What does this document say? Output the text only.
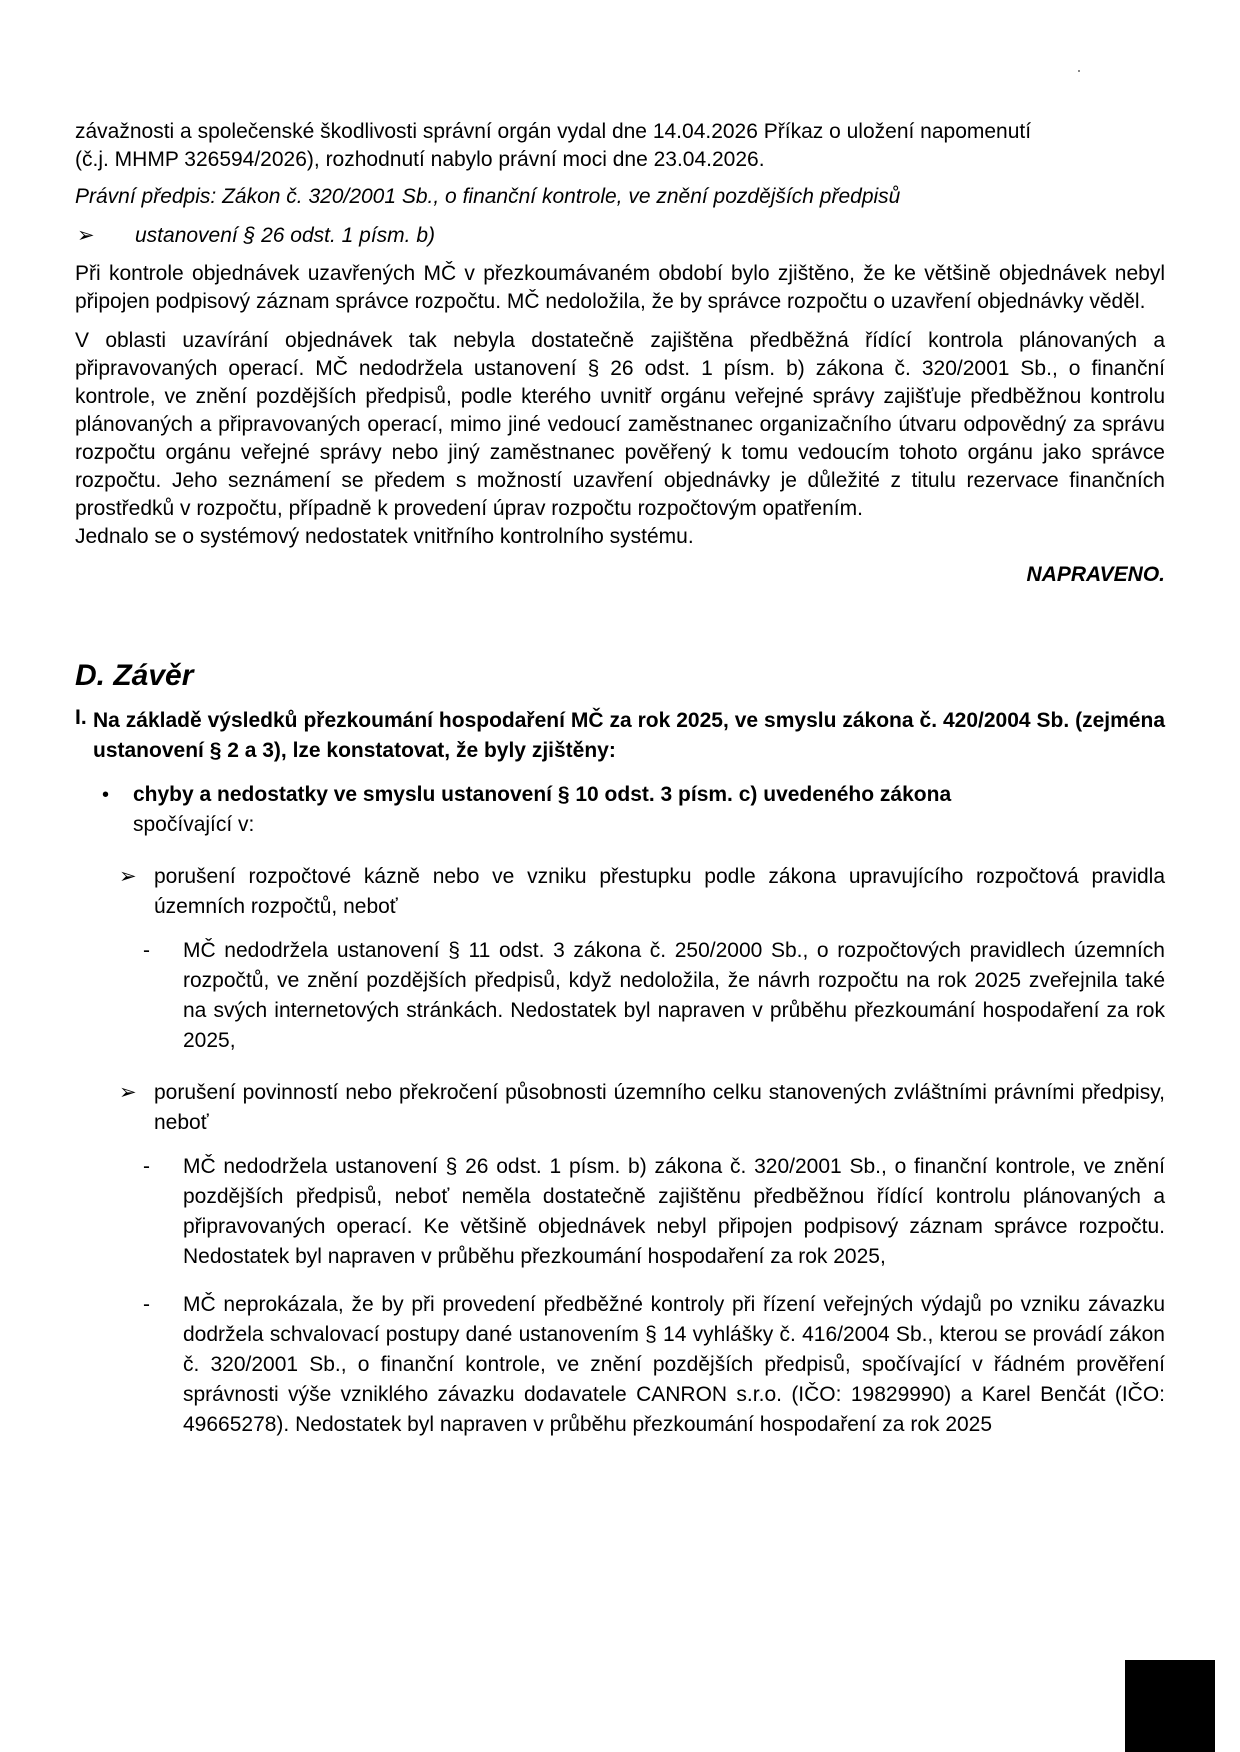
závažnosti a společenské škodlivosti správní orgán vydal dne 14.04.2026 Příkaz o uložení napomenutí

(č.j. MHMP 326594/2026), rozhodnutí nabylo právní moci dne 23.04.2026.

Právní předpis: Zákon č. 320/2001 Sb., o finanční kontrole, ve znění pozdějších předpisů

➢	ustanovení § 26 odst. 1 písm. b)

Při kontrole objednávek uzavřených MČ v přezkoumávaném období bylo zjištěno, že ke většině objednávek nebyl připojen podpisový záznam správce rozpočtu. MČ nedoložila, že by správce rozpočtu o uzavření objednávky věděl.

V oblasti uzavírání objednávek tak nebyla dostatečně zajištěna předběžná řídící kontrola plánovaných a připravovaných operací. MČ nedodržela ustanovení § 26 odst. 1 písm. b) zákona č. 320/2001 Sb., o finanční kontrole, ve znění pozdějších předpisů, podle kterého uvnitř orgánu veřejné správy zajišťuje předběžnou kontrolu plánovaných a připravovaných operací, mimo jiné vedoucí zaměstnanec organizačního útvaru odpovědný za správu rozpočtu orgánu veřejné správy nebo jiný zaměstnanec pověřený k tomu vedoucím tohoto orgánu jako správce rozpočtu. Jeho seznámení se předem s možností uzavření objednávky je důležité z titulu rezervace finančních prostředků v rozpočtu, případně k provedení úprav rozpočtu rozpočtovým opatřením.

Jednalo se o systémový nedostatek vnitřního kontrolního systému.

NAPRAVENO.
D. Závěr
I. Na základě výsledků přezkoumání hospodaření MČ za rok 2025, ve smyslu zákona č. 420/2004 Sb. (zejména ustanovení § 2 a 3), lze konstatovat, že byly zjištěny:
•	chyby a nedostatky ve smyslu ustanovení § 10 odst. 3 písm. c) uvedeného zákona
spočívající v:
➢ porušení rozpočtové kázně nebo ve vzniku přestupku podle zákona upravujícího rozpočtová pravidla územních rozpočtů, neboť
-	MČ nedodržela ustanovení § 11 odst. 3 zákona č. 250/2000 Sb., o rozpočtových pravidlech územních rozpočtů, ve znění pozdějších předpisů, když nedoložila, že návrh rozpočtu na rok 2025 zveřejnila také na svých internetových stránkách. Nedostatek byl napraven v průběhu přezkoumání hospodaření za rok 2025,
➢ porušení povinností nebo překročení působnosti územního celku stanovených zvláštními právními předpisy, neboť
-	MČ nedodržela ustanovení § 26 odst. 1 písm. b) zákona č. 320/2001 Sb., o finanční kontrole, ve znění pozdějších předpisů, neboť neměla dostatečně zajištěnu předběžnou řídící kontrolu plánovaných a připravovaných operací. Ke většině objednávek nebyl připojen podpisový záznam správce rozpočtu. Nedostatek byl napraven v průběhu přezkoumání hospodaření za rok 2025,
-	MČ neprokázala, že by při provedení předběžné kontroly při řízení veřejných výdajů po vzniku závazku dodržela schvalovací postupy dané ustanovením § 14 vyhlášky č. 416/2004 Sb., kterou se provádí zákon č. 320/2001 Sb., o finanční kontrole, ve znění pozdějších předpisů, spočívající v řádném prověření správnosti výše vzniklého závazku dodavatele CANRON s.r.o. (IČO: 19829990) a Karel Benčát (IČO: 49665278). Nedostatek byl napraven v průběhu přezkoumání hospodaření za rok 2025
